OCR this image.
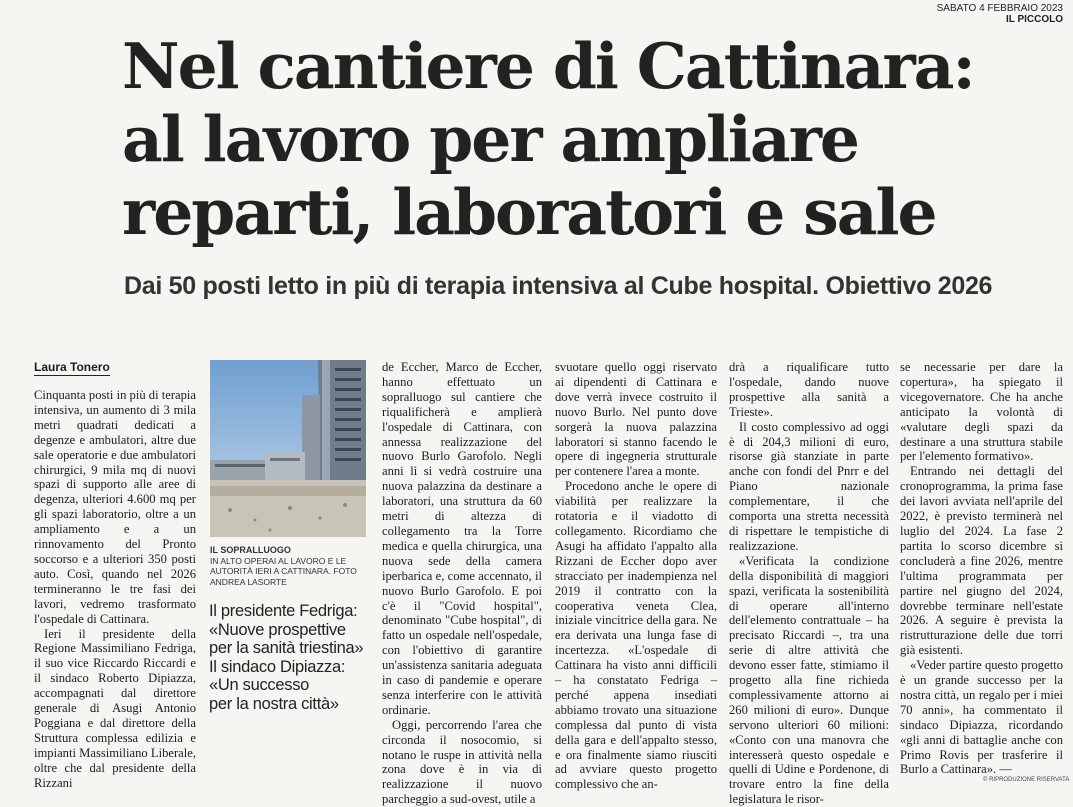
SABATO 4 FEBBRAIO 2023
IL PICCOLO
Nel cantiere di Cattinara:
al lavoro per ampliare
reparti, laboratori e sale
Dai 50 posti letto in più di terapia intensiva al Cube hospital. Obiettivo 2026
Laura Tonero

Cinquanta posti in più di terapia intensiva, un aumento di 3 mila metri quadrati dedicati a degenze e ambulatori, altre due sale operatorie e due ambulatori chirurgici, 9 mila mq di nuovi spazi di supporto alle aree di degenza, ulteriori 4.600 mq per gli spazi laboratorio, oltre a un ampliamento e a un rinnovamento del Pronto soccorso e a ulteriori 350 posti auto. Così, quando nel 2026 termineranno le tre fasi dei lavori, vedremo trasformato l'ospedale di Cattinara.

Ieri il presidente della Regione Massimiliano Fedriga, il suo vice Riccardo Riccardi e il sindaco Roberto Dipiazza, accompagnati dal direttore generale di Asugi Antonio Poggiana e dal direttore della Struttura complessa edilizia e impianti Massimiliano Liberale, oltre che dal presidente della Rizzani

IL SOPRALLUOGO
IN ALTO OPERAI AL LAVORO E LE AUTORITÀ IERI A CATTINARA. FOTO ANDREA LASORTE
Il presidente Fedriga:
«Nuove prospettive
per la sanità triestina»
Il sindaco Dipiazza:
«Un successo
per la nostra città»

de Eccher, Marco de Eccher, hanno effettuato un sopralluogo sul cantiere che riqualificherà e amplierà l'ospedale di Cattinara, con annessa realizzazione del nuovo Burlo Garofolo. Negli anni lì si vedrà costruire una nuova palazzina da destinare a laboratori, una struttura da 60 metri di altezza di collegamento tra la Torre medica e quella chirurgica, una nuova sede della camera iperbarica e, come accennato, il nuovo Burlo Garofolo. E poi c'è il "Covid hospital", denominato "Cube hospital", di fatto un ospedale nell'ospedale, con l'obiettivo di garantire un'assistenza sanitaria adeguata in caso di pandemie e operare senza interferire con le attività ordinarie.

Oggi, percorrendo l'area che circonda il nosocomio, si notano le ruspe in attività nella zona dove è in via di realizzazione il nuovo parcheggio a sud-ovest, utile a

svuotare quello oggi riservato ai dipendenti di Cattinara e dove verrà invece costruito il nuovo Burlo. Nel punto dove sorgerà la nuova palazzina laboratori si stanno facendo le opere di ingegneria strutturale per contenere l'area a monte.

Procedono anche le opere di viabilità per realizzare la rotatoria e il viadotto di collegamento. Ricordiamo che Asugi ha affidato l'appalto alla Rizzani de Eccher dopo aver stracciato per inadempienza nel 2019 il contratto con la cooperativa veneta Clea, iniziale vincitrice della gara. Ne era derivata una lunga fase di incertezza. «L'ospedale di Cattinara ha visto anni difficili – ha constatato Fedriga – perché appena insediati abbiamo trovato una situazione complessa dal punto di vista della gara e dell'appalto stesso, e ora finalmente siamo riusciti ad avviare questo progetto complessivo che an-

drà a riqualificare tutto l'ospedale, dando nuove prospettive alla sanità a Trieste».

Il costo complessivo ad oggi è di 204,3 milioni di euro, risorse già stanziate in parte anche con fondi del Pnrr e del Piano nazionale complementare, il che comporta una stretta necessità di rispettare le tempistiche di realizzazione.

«Verificata la condizione della disponibilità di maggiori spazi, verificata la sostenibilità di operare all'interno dell'elemento contrattuale – ha precisato Riccardi –, tra una serie di altre attività che devono esser fatte, stimiamo il progetto alla fine richieda complessivamente attorno ai 260 milioni di euro». Dunque servono ulteriori 60 milioni: «Conto con una manovra che interesserà questo ospedale e quelli di Udine e Pordenone, di trovare entro la fine della legislatura le risor-

se necessarie per dare la copertura», ha spiegato il vicegovernatore. Che ha anche anticipato la volontà di «valutare degli spazi da destinare a una struttura stabile per l'elemento formativo».

Entrando nei dettagli del cronoprogramma, la prima fase dei lavori avviata nell'aprile del 2022, è previsto terminerà nel luglio del 2024. La fase 2 partita lo scorso dicembre si concluderà a fine 2026, mentre l'ultima programmata per partire nel giugno del 2024, dovrebbe terminare nell'estate 2026. A seguire è prevista la ristrutturazione delle due torri già esistenti.

«Veder partire questo progetto è un grande successo per la nostra città, un regalo per i miei 70 anni», ha commentato il sindaco Dipiazza, ricordando «gli anni di battaglie anche con Primo Rovis per trasferire il Burlo a Cattinara». —

© RIPRODUZIONE RISERVATA
